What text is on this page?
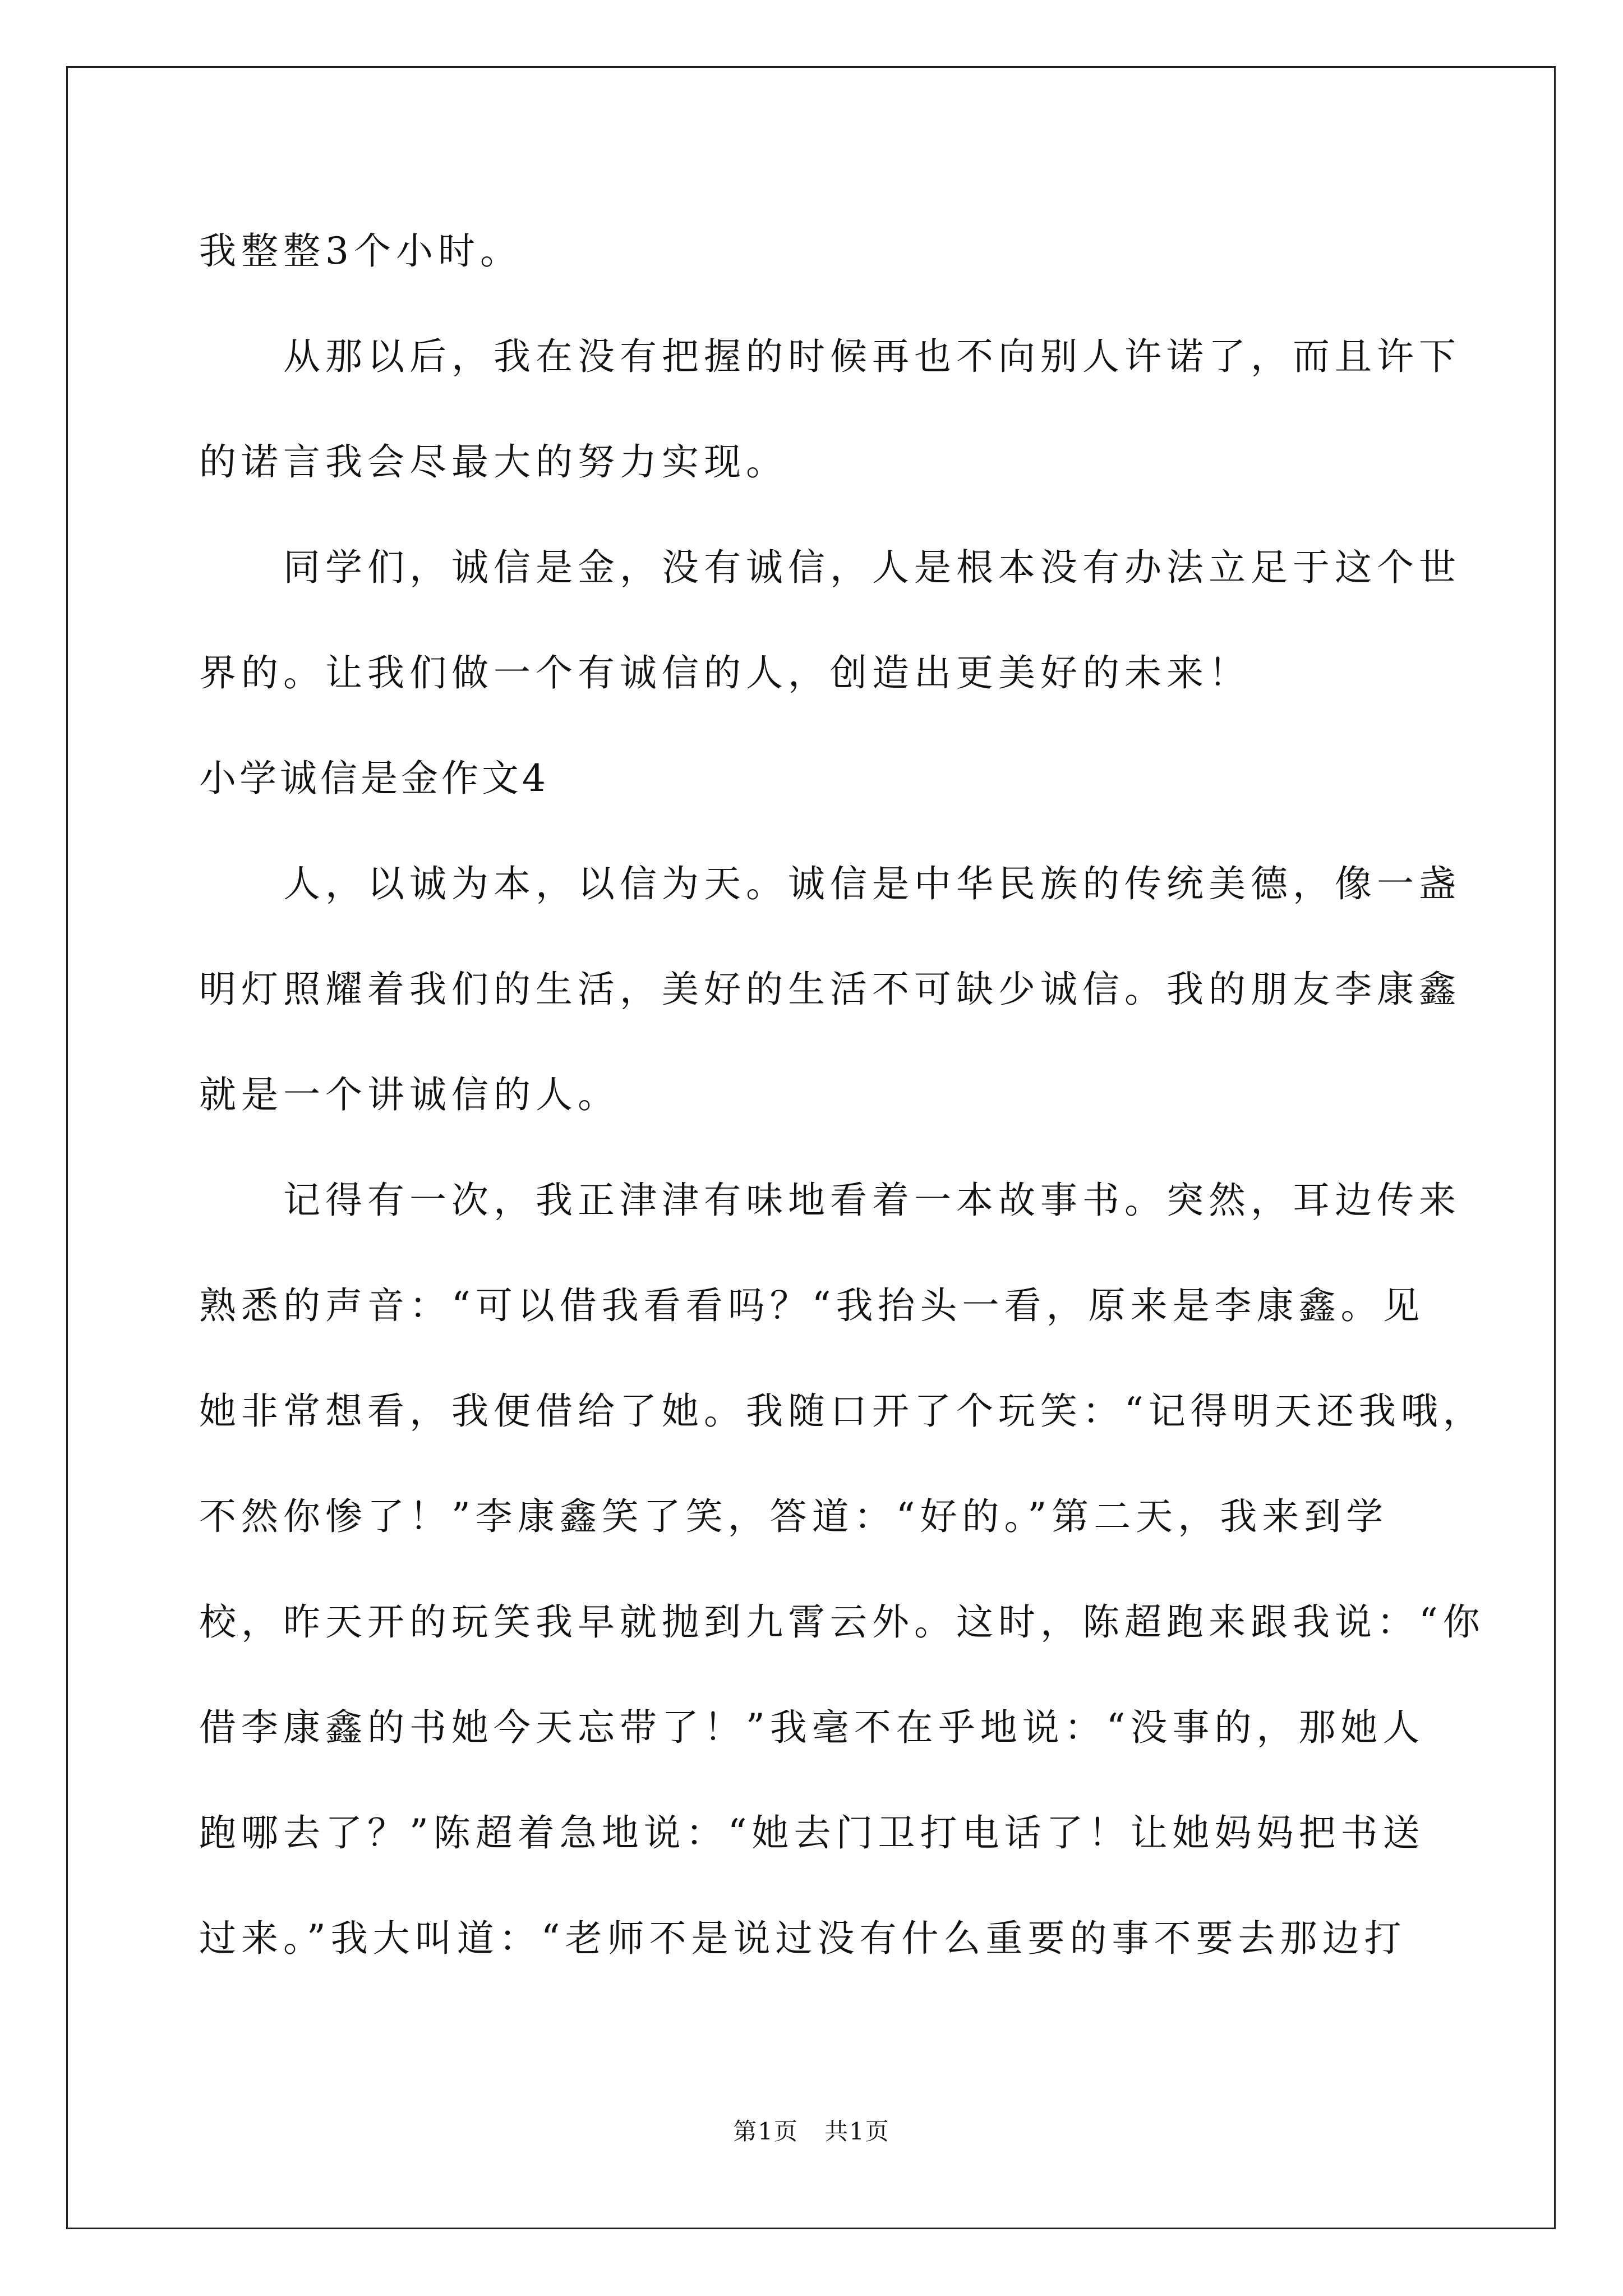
我整整3个小时。
从那以后，我在没有把握的时候再也不向别人许诺了，而且许下
的诺言我会尽最大的努力实现。
同学们，诚信是金，没有诚信，人是根本没有办法立足于这个世
界的。让我们做一个有诚信的人，创造出更美好的未来！
小学诚信是金作文4
人，以诚为本，以信为天。诚信是中华民族的传统美德，像一盏
明灯照耀着我们的生活，美好的生活不可缺少诚信。我的朋友李康鑫
就是一个讲诚信的人。
记得有一次，我正津津有味地看着一本故事书。突然，耳边传来
熟悉的声音：“可以借我看看吗？“我抬头一看，原来是李康鑫。见
她非常想看，我便借给了她。我随口开了个玩笑：“记得明天还我哦，
不然你惨了！”李康鑫笑了笑，答道：“好的。”第二天，我来到学
校，昨天开的玩笑我早就抛到九霄云外。这时，陈超跑来跟我说：“你
借李康鑫的书她今天忘带了！”我毫不在乎地说：“没事的，那她人
跑哪去了？”陈超着急地说：“她去门卫打电话了！让她妈妈把书送
过来。”我大叫道：“老师不是说过没有什么重要的事不要去那边打
第1页 共1页
